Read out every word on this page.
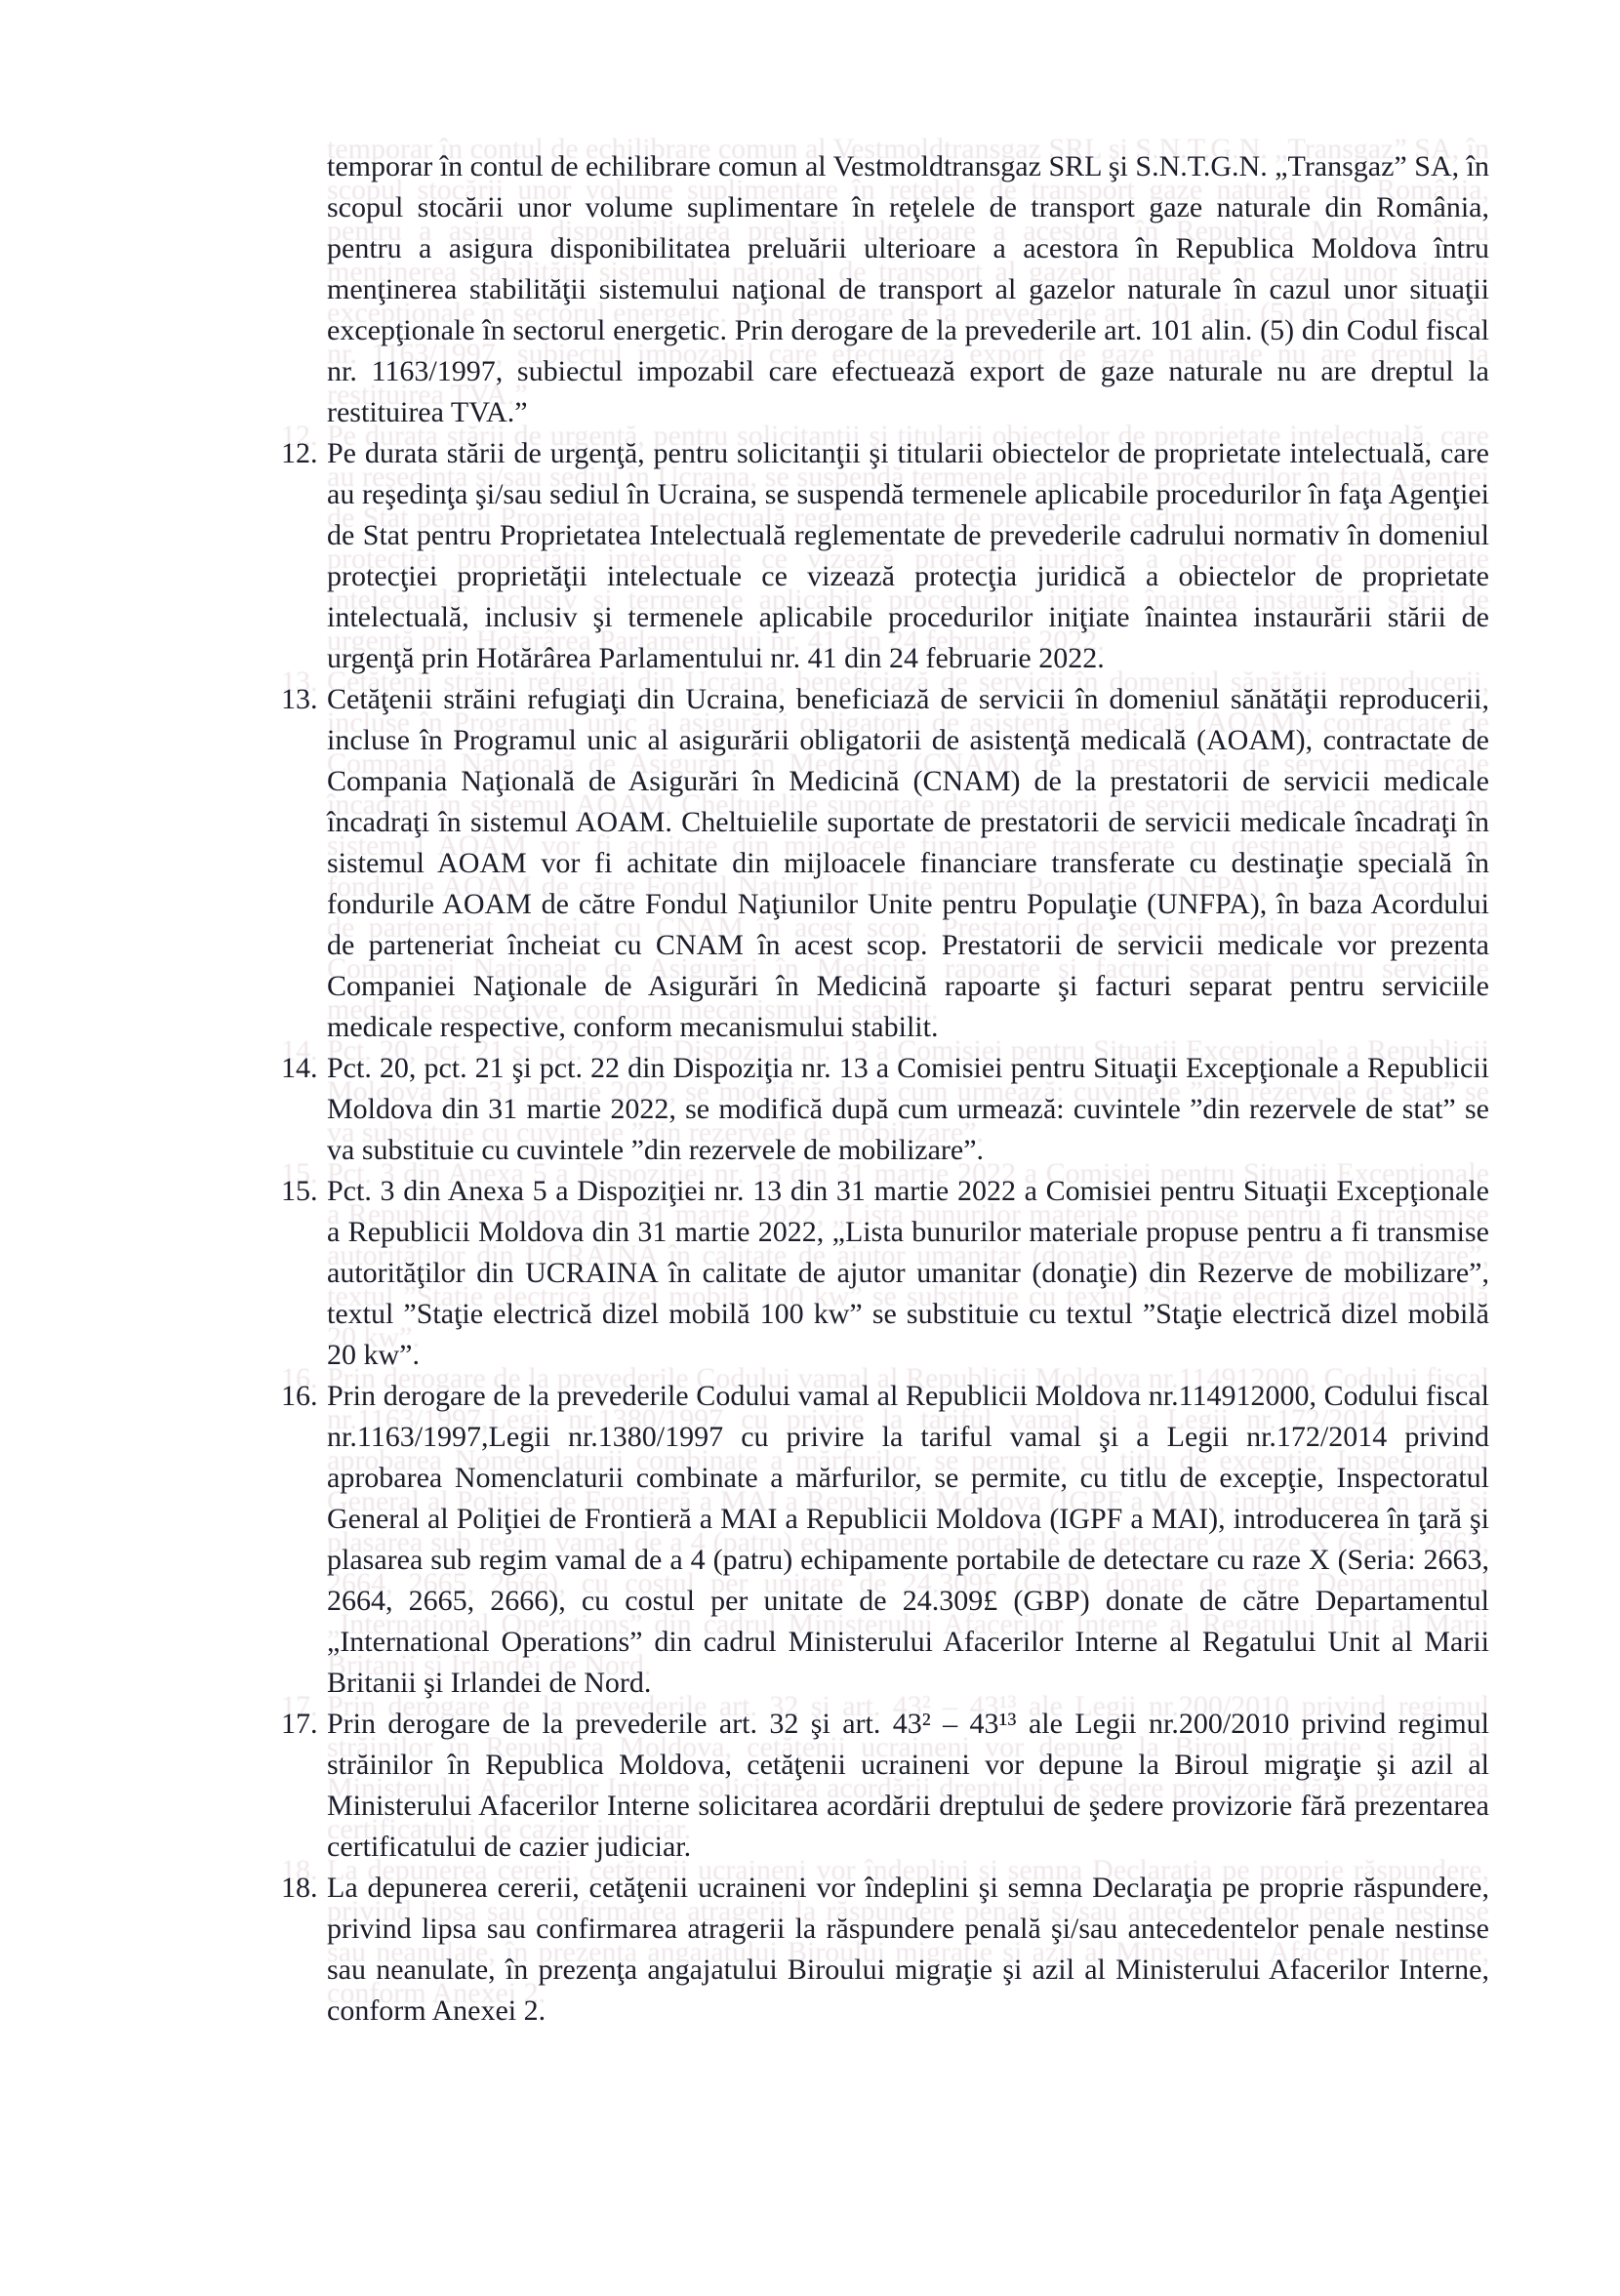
temporar în contul de echilibrare comun al Vestmoldtransgaz SRL şi S.N.T.G.N. „Transgaz” SA, în scopul stocării unor volume suplimentare în reţelele de transport gaze naturale din România, pentru a asigura disponibilitatea preluării ulterioare a acestora în Republica Moldova întru menţinerea stabilităţii sistemului naţional de transport al gazelor naturale în cazul unor situaţii excepţionale în sectorul energetic. Prin derogare de la prevederile art. 101 alin. (5) din Codul fiscal nr. 1163/1997, subiectul impozabil care efectuează export de gaze naturale nu are dreptul la restituirea TVA.”

12. Pe durata stării de urgenţă, pentru solicitanţii şi titularii obiectelor de proprietate intelectuală, care au reşedinţa şi/sau sediul în Ucraina, se suspendă termenele aplicabile procedurilor în faţa Agenţiei de Stat pentru Proprietatea Intelectuală reglementate de prevederile cadrului normativ în domeniul protecţiei proprietăţii intelectuale ce vizează protecţia juridică a obiectelor de proprietate intelectuală, inclusiv şi termenele aplicabile procedurilor iniţiate înaintea instaurării stării de urgenţă prin Hotărârea Parlamentului nr. 41 din 24 februarie 2022.

13. Cetăţenii străini refugiaţi din Ucraina, beneficiază de servicii în domeniul sănătăţii reproducerii, incluse în Programul unic al asigurării obligatorii de asistenţă medicală (AOAM), contractate de Compania Naţională de Asigurări în Medicină (CNAM) de la prestatorii de servicii medicale încadraţi în sistemul AOAM. Cheltuielile suportate de prestatorii de servicii medicale încadraţi în sistemul AOAM vor fi achitate din mijloacele financiare transferate cu destinaţie specială în fondurile AOAM de către Fondul Naţiunilor Unite pentru Populaţie (UNFPA), în baza Acordului de parteneriat încheiat cu CNAM în acest scop. Prestatorii de servicii medicale vor prezenta Companiei Naţionale de Asigurări în Medicină rapoarte şi facturi separat pentru serviciile medicale respective, conform mecanismului stabilit.

14. Pct. 20, pct. 21 şi pct. 22 din Dispoziţia nr. 13 a Comisiei pentru Situaţii Excepţionale a Republicii Moldova din 31 martie 2022, se modifică după cum urmează: cuvintele ”din rezervele de stat” se va substituie cu cuvintele ”din rezervele de mobilizare”.

15. Pct. 3 din Anexa 5 a Dispoziţiei nr. 13 din 31 martie 2022 a Comisiei pentru Situaţii Excepţionale a Republicii Moldova din 31 martie 2022, „Lista bunurilor materiale propuse pentru a fi transmise autorităţilor din UCRAINA în calitate de ajutor umanitar (donaţie) din Rezerve de mobilizare”, textul ”Staţie electrică dizel mobilă 100 kw” se substituie cu textul ”Staţie electrică dizel mobilă 20 kw”.

16. Prin derogare de la prevederile Codului vamal al Republicii Moldova nr.114912000, Codului fiscal nr.1163/1997,Legii nr.1380/1997 cu privire la tariful vamal şi a Legii nr.172/2014 privind aprobarea Nomenclaturii combinate a mărfurilor, se permite, cu titlu de excepţie, Inspectoratul General al Poliţiei de Frontieră a MAI a Republicii Moldova (IGPF a MAI), introducerea în ţară şi plasarea sub regim vamal de a 4 (patru) echipamente portabile de detectare cu raze X (Seria: 2663, 2664, 2665, 2666), cu costul per unitate de 24.309£ (GBP) donate de către Departamentul „International Operations” din cadrul Ministerului Afacerilor Interne al Regatului Unit al Marii Britanii şi Irlandei de Nord.

17. Prin derogare de la prevederile art. 32 şi art. 43² – 43¹³ ale Legii nr.200/2010 privind regimul străinilor în Republica Moldova, cetăţenii ucraineni vor depune la Biroul migraţie şi azil al Ministerului Afacerilor Interne solicitarea acordării dreptului de şedere provizorie fără prezentarea certificatului de cazier judiciar.

18. La depunerea cererii, cetăţenii ucraineni vor îndeplini şi semna Declaraţia pe proprie răspundere, privind lipsa sau confirmarea atragerii la răspundere penală şi/sau antecedentelor penale nestinse sau neanulate, în prezenţa angajatului Biroului migraţie şi azil al Ministerului Afacerilor Interne, conform Anexei 2.
